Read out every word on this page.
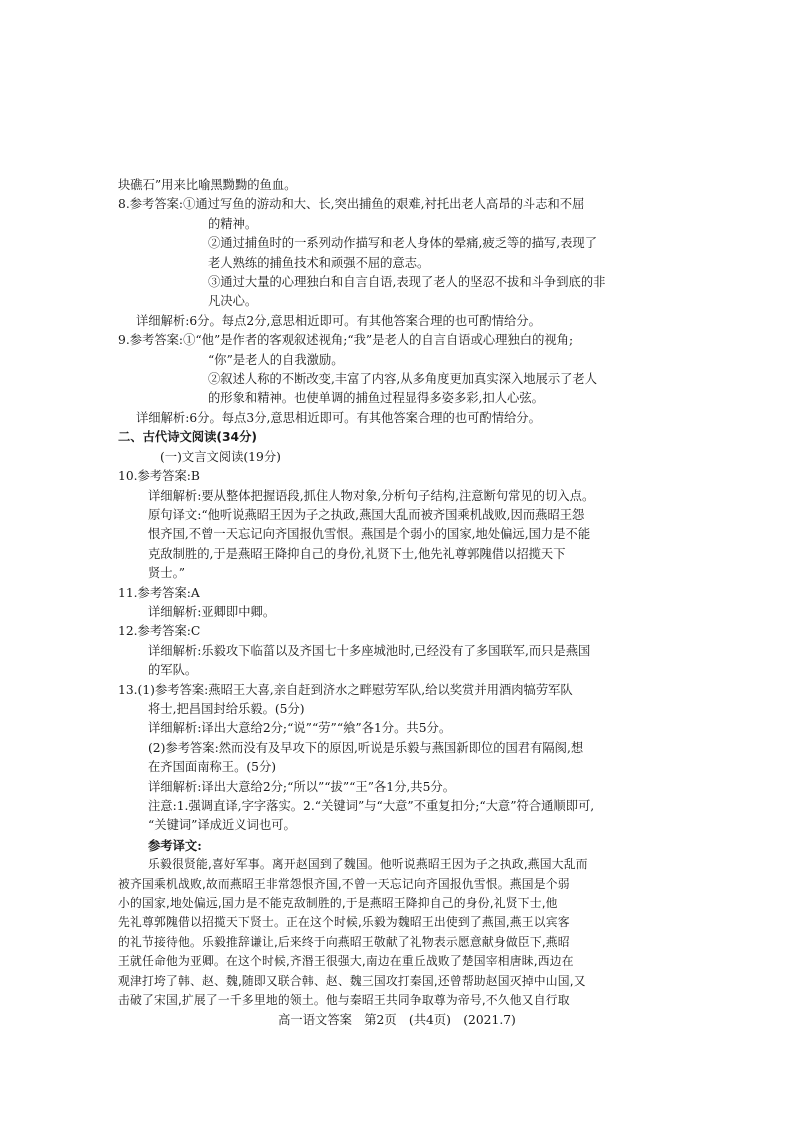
块礁石”用来比喻黑黝黝的鱼血。
8.参考答案:①通过写鱼的游动和大、长,突出捕鱼的艰难,衬托出老人高昂的斗志和不屈
的精神。
②通过捕鱼时的一系列动作描写和老人身体的晕痛,疲乏等的描写,表现了
老人熟练的捕鱼技术和顽强不屈的意志。
③通过大量的心理独白和自言自语,表现了老人的坚忍不拔和斗争到底的非
凡决心。
详细解析:6分。每点2分,意思相近即可。有其他答案合理的也可酌情给分。
9.参考答案:①“他”是作者的客观叙述视角;“我”是老人的自言自语或心理独白的视角;
“你”是老人的自我激励。
②叙述人称的不断改变,丰富了内容,从多角度更加真实深入地展示了老人
的形象和精神。也使单调的捕鱼过程显得多姿多彩,扣人心弦。
详细解析:6分。每点3分,意思相近即可。有其他答案合理的也可酌情给分。
二、古代诗文阅读(34分)
(一)文言文阅读(19分)
10.参考答案:B
详细解析:要从整体把握语段,抓住人物对象,分析句子结构,注意断句常见的切入点。
原句译文:“他听说燕昭王因为子之执政,燕国大乱而被齐国乘机战败,因而燕昭王怨
恨齐国,不曾一天忘记向齐国报仇雪恨。燕国是个弱小的国家,地处偏远,国力是不能
克敌制胜的,于是燕昭王降抑自己的身份,礼贤下士,他先礼尊郭隗借以招揽天下
贤士。”
11.参考答案:A
详细解析:亚卿即中卿。
12.参考答案:C
详细解析:乐毅攻下临菑以及齐国七十多座城池时,已经没有了多国联军,而只是燕国
的军队。
13.(1)参考答案:燕昭王大喜,亲自赶到济水之畔慰劳军队,给以奖赏并用酒肉犒劳军队
将士,把昌国封给乐毅。(5分)
详细解析:译出大意给2分;“说”“劳”“飨”各1分。共5分。
(2)参考答案:然而没有及早攻下的原因,听说是乐毅与燕国新即位的国君有隔阂,想
在齐国面南称王。(5分)
详细解析:译出大意给2分;“所以”“拔”“王”各1分,共5分。
注意:1.强调直译,字字落实。2.“关键词”与“大意”不重复扣分;“大意”符合通顺即可,
“关键词”译成近义词也可。
参考译文:
乐毅很贤能,喜好军事。离开赵国到了魏国。他听说燕昭王因为子之执政,燕国大乱而
被齐国乘机战败,故而燕昭王非常怨恨齐国,不曾一天忘记向齐国报仇雪恨。燕国是个弱
小的国家,地处偏远,国力是不能克敌制胜的,于是燕昭王降抑自己的身份,礼贤下士,他
先礼尊郭隗借以招揽天下贤士。正在这个时候,乐毅为魏昭王出使到了燕国,燕王以宾客
的礼节接待他。乐毅推辞谦让,后来终于向燕昭王敬献了礼物表示愿意献身做臣下,燕昭
王就任命他为亚卿。在这个时候,齐湣王很强大,南边在重丘战败了楚国宰相唐眛,西边在
观津打垮了韩、赵、魏,随即又联合韩、赵、魏三国攻打秦国,还曾帮助赵国灭掉中山国,又
击破了宋国,扩展了一千多里地的领土。他与秦昭王共同争取尊为帝号,不久他又自行取
高一语文答案　第2页　(共4页)　(2021.7)
